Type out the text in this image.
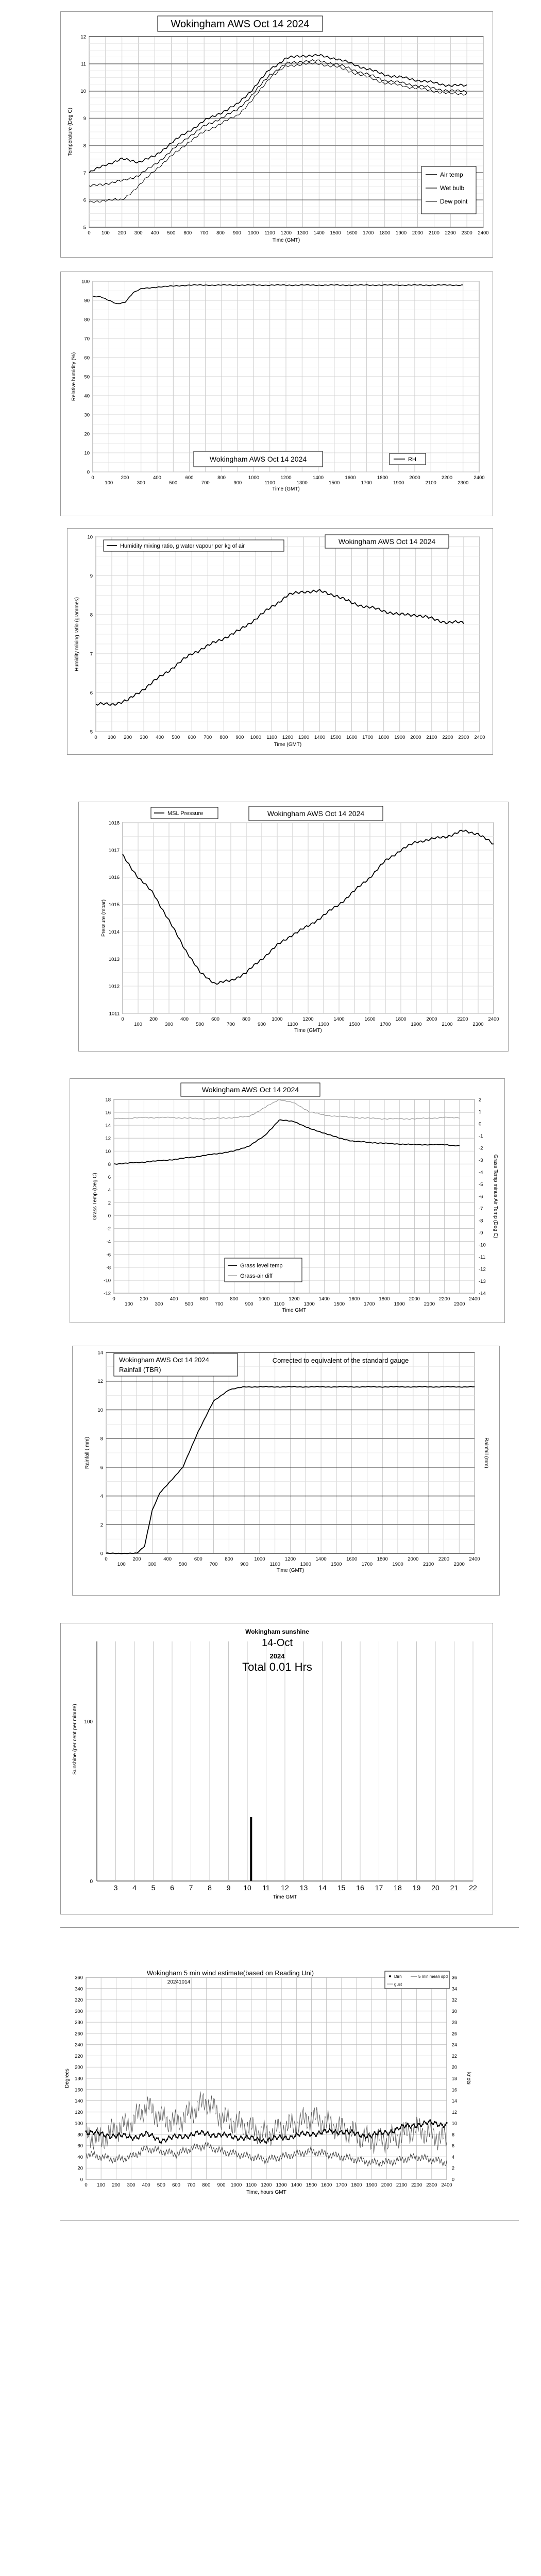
0 100 200 300 400 500 600 700 800 900 1000 1100 1200 1300 1400 1500 1600 1700 1800 1900 2000 2100 2200 2300 2400
5
6
7
8
9
10
11
12
Time (GMT)
Temperature (Deg C)
Wokingham AWS Oct 14 2024
Air temp
Wet bulb
Dew point
0
100
200
300
400
500
600
700
800
900
1000
1100
1200
1300
1400
1500
1600
1700
1800
1900
2000
2100
2200
2300
2400
0
10
20
30
40
50
60
70
80
90
100
Time (GMT)
Relative humidity (%)
Wokingham AWS Oct 14 2024	RH
0 100 200 300 400 500 600 700 800 900 1000 1100 1200 1300 1400 1500 1600 1700 1800 1900 2000 2100 2200 2300 2400
5
6
7
8
9
10
Time (GMT)
Humidity mixing ratio (grammes)
Humidity mixing ratio, g water vapour per kg of air
Wokingham AWS Oct 14 2024
0
100
200
300
400
500
600
700
800
900
1000
1100
1200
1300
1400
1500
1600
1700
1800
1900
2000
2100
2200
2300
2400
1011
1012
1013
1014
1015
1016
1017
1018
Time (GMT)
Pressure (mbar)
MSL Pressure	Wokingham AWS Oct 14 2024
0
100
200
300
400
500
600
700
800
900
1000
1100
1200
1300
1400
1500
1600
1700
1800
1900
2000
2100
2200
2300
2400
18
16
14
12
10
8
6
4
2
0
-2
-4
-6
-8
-10
-12
Time GMT
Grass Temp (Deg C)
2
1
0
-1
-2
-3
-4
-5
-6
-7
-8
-9
-10
-11
-12
-13
-14
Grass Temp minus Air Temp (Deg C)
Wokingham AWS Oct 14 2024
Grass level temp
Grass-air diff
0
100
200
300
400
500
600
700
800
900
1000
1100
1200
1300
1400
1500
1600
1700
1800
1900
2000
2100
2200
2300
2400
0
2
4
6
8
10
12
14
Time (GMT)
Rainfall ( mm)	Rainfall (mm)
Wokingham AWS Oct 14 2024
Rainfall (TBR)
Corrected to equivalent of the standard gauge
3 4 5 6 7 8 9 10 11 12 13 14 15 16 17 18 19 20 21 22
0
100
Time GMT
Sunshine (per cent per minute)
Wokingham sunshine
14-Oct
2024
Total 0.01 Hrs
0 100 200 300 400 500 600 700 800 900 1000 1100 1200 1300 1400 1500 1600 1700 1800 1900 2000 2100 2200 2300 2400
0
20
40
60
80
100
120
140
160
180
200
220
240
260
280
300
320
340
360
Time, hours GMT
Degrees
0
2
4
6
8
10
12
14
16
18
20
22
24
26
28
30
32
34
36
knots
Wokingham 5 min wind estimate(based on Reading Uni)
20241014
Dirn	5 min mean spd
gust
